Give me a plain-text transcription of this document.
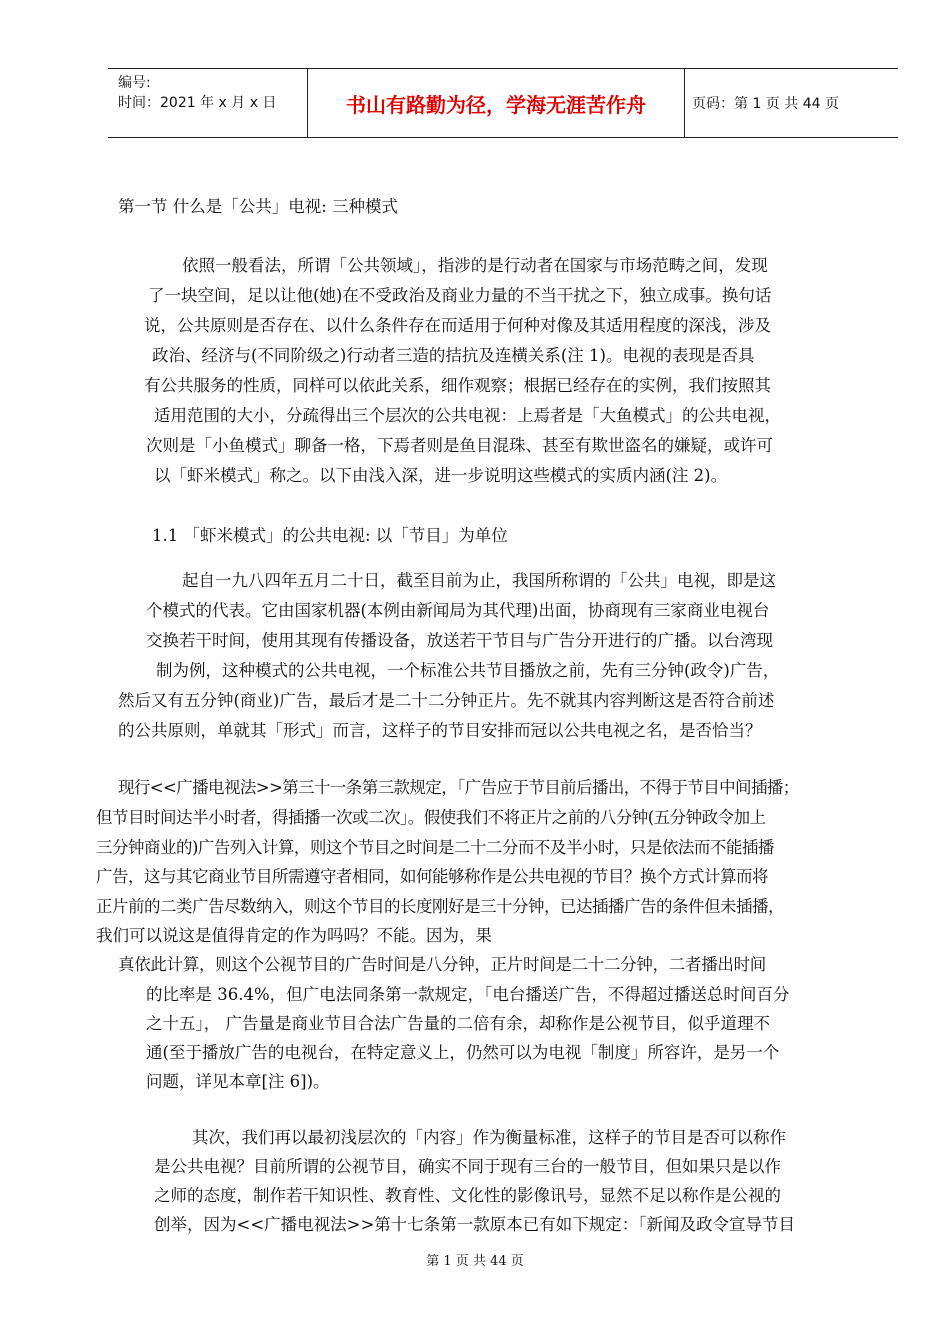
编号:
时间：2021 年 x 月 x 日	书山有路勤为径，学海无涯苦作舟	页码：第 1 页 共 44 页
第一节 什么是「公共」电视: 三种模式
依照一般看法，所谓「公共领域」，指涉的是行动者在国家与市场范畴之间，发现
了一块空间，足以让他(她)在不受政治及商业力量的不当干扰之下，独立成事。换句话
说，公共原则是否存在、以什么条件存在而适用于何种对像及其适用程度的深浅，涉及
政治、经济与(不同阶级之)行动者三造的拮抗及连横关系(注 1)。电视的表现是否具
有公共服务的性质，同样可以依此关系，细作观察；根据已经存在的实例，我们按照其
适用范围的大小，分疏得出三个层次的公共电视：上焉者是「大鱼模式」的公共电视，
次则是「小鱼模式」聊备一格，下焉者则是鱼目混珠、甚至有欺世盗名的嫌疑，或许可
以「虾米模式」称之。以下由浅入深，进一步说明这些模式的实质内涵(注 2)。
1.1 「虾米模式」的公共电视: 以「节目」为单位
起自一九八四年五月二十日，截至目前为止，我国所称谓的「公共」电视，即是这
个模式的代表。它由国家机器(本例由新闻局为其代理)出面，协商现有三家商业电视台
交换若干时间，使用其现有传播设备，放送若干节目与广告分开进行的广播。以台湾现
制为例，这种模式的公共电视，一个标准公共节目播放之前，先有三分钟(政令)广告，
然后又有五分钟(商业)广告，最后才是二十二分钟正片。先不就其内容判断这是否符合前述
的公共原则，单就其「形式」而言，这样子的节目安排而冠以公共电视之名，是否恰当？
现行<<广播电视法>>第三十一条第三款规定，「广告应于节目前后播出，不得于节目中间插播；
但节目时间达半小时者，得插播一次或二次」。假使我们不将正片之前的八分钟(五分钟政令加上
三分钟商业的)广告列入计算，则这个节目之时间是二十二分而不及半小时，只是依法而不能插播
广告，这与其它商业节目所需遵守者相同，如何能够称作是公共电视的节目？换个方式计算而将
正片前的二类广告尽数纳入，则这个节目的长度刚好是三十分钟，已达插播广告的条件但未插播，
我们可以说这是值得肯定的作为吗吗？不能。因为，果
真依此计算，则这个公视节目的广告时间是八分钟，正片时间是二十二分钟，二者播出时间
的比率是 36.4%，但广电法同条第一款规定，「电台播送广告，不得超过播送总时间百分
之十五」， 广告量是商业节目合法广告量的二倍有余，却称作是公视节目，似乎道理不
通(至于播放广告的电视台，在特定意义上，仍然可以为电视「制度」所容许，是另一个
问题，详见本章[注 6])。
其次，我们再以最初浅层次的「内容」作为衡量标准，这样子的节目是否可以称作
是公共电视？目前所谓的公视节目，确实不同于现有三台的一般节目，但如果只是以作
之师的态度，制作若干知识性、教育性、文化性的影像讯号，显然不足以称作是公视的
创举，因为<<广播电视法>>第十七条第一款原本已有如下规定：「新闻及政令宣导节目
第 1 页 共 44 页
